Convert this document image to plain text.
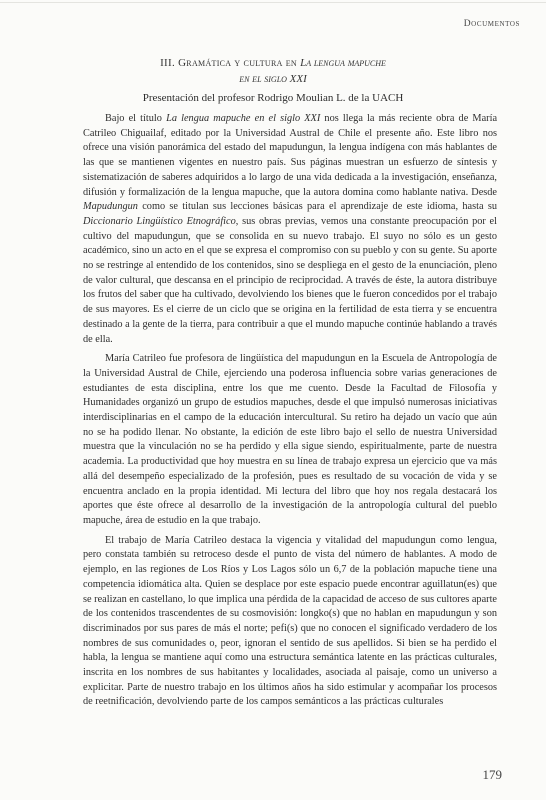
Documentos
III. Gramática y cultura en La lengua mapuche
en el siglo XXI
Presentación del profesor Rodrigo Moulian L. de la UACH

Bajo el título La lengua mapuche en el siglo XXI nos llega la más reciente obra de María Catrileo Chiguailaf, editado por la Universidad Austral de Chile el presente año. Este libro nos ofrece una visión panorámica del estado del mapudungun, la lengua indígena con más hablantes de las que se mantienen vigentes en nuestro país. Sus páginas muestran un esfuerzo de síntesis y sistematización de saberes adquiridos a lo largo de una vida dedicada a la investigación, enseñanza, difusión y formalización de la lengua mapuche, que la autora domina como hablante nativa. Desde Mapudungun como se titulan sus lecciones básicas para el aprendizaje de este idioma, hasta su Diccionario Lingüístico Etnográfico, sus obras previas, vemos una constante preocupación por el cultivo del mapudungun, que se consolida en su nuevo trabajo. El suyo no sólo es un gesto académico, sino un acto en el que se expresa el compromiso con su pueblo y con su gente. Su aporte no se restringe al entendido de los contenidos, sino se despliega en el gesto de la enunciación, pleno de valor cultural, que descansa en el principio de reciprocidad. A través de éste, la autora distribuye los frutos del saber que ha cultivado, devolviendo los bienes que le fueron concedidos por el trabajo de sus mayores. Es el cierre de un ciclo que se origina en la fertilidad de esta tierra y se encuentra destinado a la gente de la tierra, para contribuir a que el mundo mapuche continúe hablando a través de ella.

María Catrileo fue profesora de lingüística del mapudungun en la Escuela de Antropología de la Universidad Austral de Chile, ejerciendo una poderosa influencia sobre varias generaciones de estudiantes de esta disciplina, entre los que me cuento. Desde la Facultad de Filosofía y Humanidades organizó un grupo de estudios mapuches, desde el que impulsó numerosas iniciativas interdisciplinarias en el campo de la educación intercultural. Su retiro ha dejado un vacío que aún no se ha podido llenar. No obstante, la edición de este libro bajo el sello de nuestra Universidad muestra que la vinculación no se ha perdido y ella sigue siendo, espiritualmente, parte de nuestra academia. La productividad que hoy muestra en su línea de trabajo expresa un ejercicio que va más allá del desempeño especializado de la profesión, pues es resultado de su vocación de vida y se encuentra anclado en la propia identidad. Mi lectura del libro que hoy nos regala destacará los aportes que éste ofrece al desarrollo de la investigación de la antropología cultural del pueblo mapuche, área de estudio en la que trabajo.

El trabajo de María Catrileo destaca la vigencia y vitalidad del mapudungun como lengua, pero constata también su retroceso desde el punto de vista del número de hablantes. A modo de ejemplo, en las regiones de Los Ríos y Los Lagos sólo un 6,7 de la población mapuche tiene una competencia idiomática alta. Quien se desplace por este espacio puede encontrar aguillatun(es) que se realizan en castellano, lo que implica una pérdida de la capacidad de acceso de sus cultores aparte de los contenidos trascendentes de su cosmovisión: longko(s) que no hablan en mapudungun y son discriminados por sus pares de más el norte; pefi(s) que no conocen el significado verdadero de los nombres de sus comunidades o, peor, ignoran el sentido de sus apellidos. Si bien se ha perdido el habla, la lengua se mantiene aquí como una estructura semántica latente en las prácticas culturales, inscrita en los nombres de sus habitantes y localidades, asociada al paisaje, como un universo a explicitar. Parte de nuestro trabajo en los últimos años ha sido estimular y acompañar los procesos de reetnificación, devolviendo parte de los campos semánticos a las prácticas culturales

179
